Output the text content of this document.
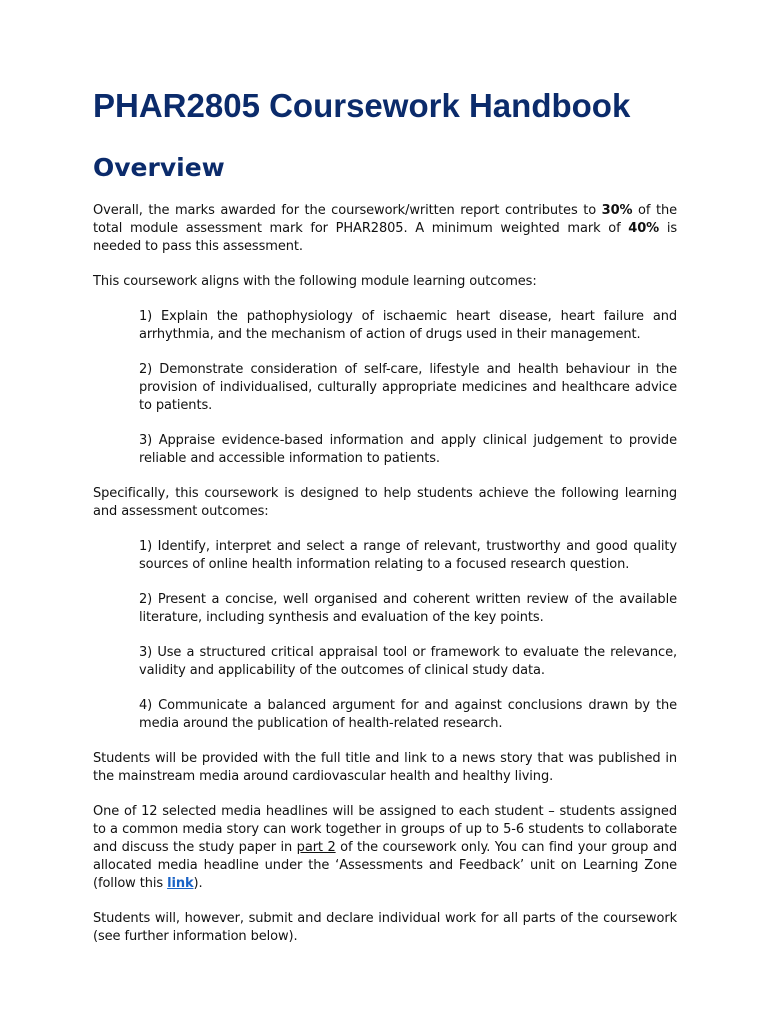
PHAR2805 Coursework Handbook
Overview

Overall, the marks awarded for the coursework/written report contributes to 30% of the total module assessment mark for PHAR2805. A minimum weighted mark of 40% is needed to pass this assessment.

This coursework aligns with the following module learning outcomes:

1) Explain the pathophysiology of ischaemic heart disease, heart failure and arrhythmia, and the mechanism of action of drugs used in their management.

2) Demonstrate consideration of self-care, lifestyle and health behaviour in the provision of individualised, culturally appropriate medicines and healthcare advice to patients.

3) Appraise evidence-based information and apply clinical judgement to provide reliable and accessible information to patients.

Specifically, this coursework is designed to help students achieve the following learning and assessment outcomes:

1) Identify, interpret and select a range of relevant, trustworthy and good quality sources of online health information relating to a focused research question.

2) Present a concise, well organised and coherent written review of the available literature, including synthesis and evaluation of the key points.

3) Use a structured critical appraisal tool or framework to evaluate the relevance, validity and applicability of the outcomes of clinical study data.

4) Communicate a balanced argument for and against conclusions drawn by the media around the publication of health-related research.

Students will be provided with the full title and link to a news story that was published in the mainstream media around cardiovascular health and healthy living.

One of 12 selected media headlines will be assigned to each student – students assigned to a common media story can work together in groups of up to 5-6 students to collaborate and discuss the study paper in part 2 of the coursework only. You can find your group and allocated media headline under the ‘Assessments and Feedback’ unit on Learning Zone (follow this link).

Students will, however, submit and declare individual work for all parts of the coursework (see further information below).
